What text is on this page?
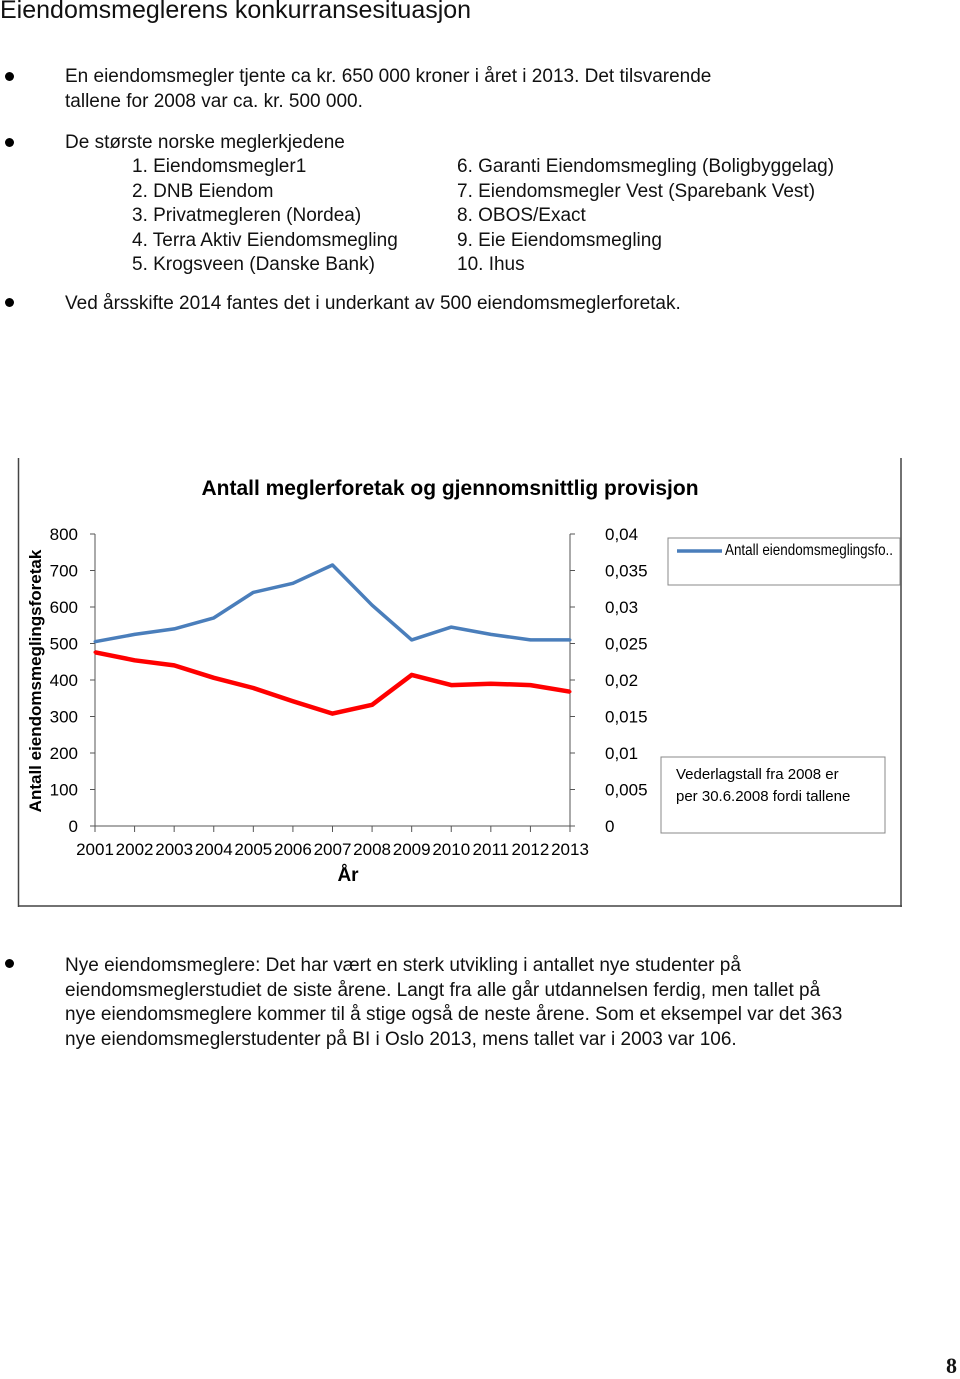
Eiendomsmeglerens konkurransesituasjon
En eiendomsmegler tjente ca kr. 650 000 kroner i året i 2013. Det tilsvarende
tallene for 2008 var ca. kr. 500 000.
De største norske meglerkjedene
1. Eiendomsmegler1
2. DNB Eiendom
3. Privatmegleren (Nordea)
4. Terra Aktiv Eiendomsmegling
5. Krogsveen (Danske Bank)
6. Garanti Eiendomsmegling (Boligbyggelag)
7. Eiendomsmegler Vest (Sparebank Vest)
8. OBOS/Exact
9. Eie Eiendomsmegling
10. Ihus
Ved årsskifte 2014 fantes det i underkant av 500 eiendomsmeglerforetak.
Antall meglerforetak og gjennomsnittlig provisjon
Antall eiendomsmeglingsforetak
År
0	0
100	0,005
200	0,01
300	0,015
400	0,02
500	0,025
600	0,03
700	0,035
800	0,04
2001 2002 2003 2004 2005 2006 2007 2008 2009 2010 2011 2012 2013
Antall eiendomsmeglingsfo..
Vederlagstall fra 2008 er
per 30.6.2008 fordi tallene
Nye eiendomsmeglere: Det har vært en sterk utvikling i antallet nye studenter på
eiendomsmeglerstudiet de siste årene. Langt fra alle går utdannelsen ferdig, men tallet på
nye eiendomsmeglere kommer til å stige også de neste årene. Som et eksempel var det 363
nye eiendomsmeglerstudenter på BI i Oslo 2013, mens tallet var i 2003 var 106.
8
